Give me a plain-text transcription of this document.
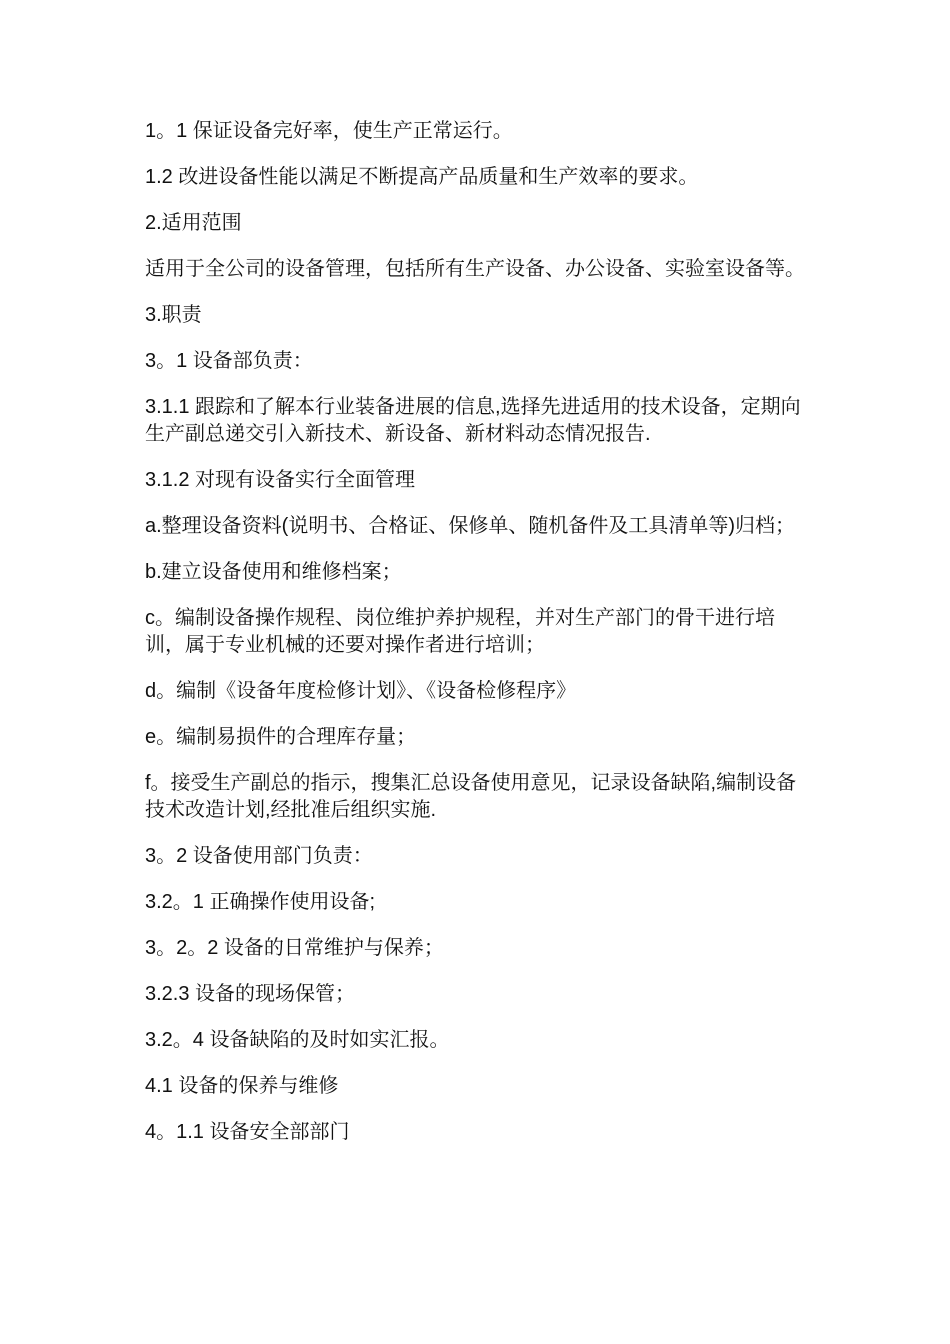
1。1 保证设备完好率，使生产正常运行。

1.2 改进设备性能以满足不断提高产品质量和生产效率的要求。

2.适用范围

适用于全公司的设备管理，包括所有生产设备、办公设备、实验室设备等。

3.职责

3。1 设备部负责：

3.1.1 跟踪和了解本行业装备进展的信息,选择先进适用的技术设备，定期向生产副总递交引入新技术、新设备、新材料动态情况报告.

3.1.2 对现有设备实行全面管理

a.整理设备资料(说明书、合格证、保修单、随机备件及工具清单等)归档；

b.建立设备使用和维修档案；

c。编制设备操作规程、岗位维护养护规程，并对生产部门的骨干进行培训，属于专业机械的还要对操作者进行培训；

d。编制《设备年度检修计划》、《设备检修程序》

e。编制易损件的合理库存量；

f。接受生产副总的指示，搜集汇总设备使用意见，记录设备缺陷,编制设备技术改造计划,经批准后组织实施.

3。2 设备使用部门负责：

3.2。1 正确操作使用设备;

3。2。2 设备的日常维护与保养；

3.2.3 设备的现场保管；

3.2。4 设备缺陷的及时如实汇报。

4.1 设备的保养与维修

4。1.1 设备安全部部门
